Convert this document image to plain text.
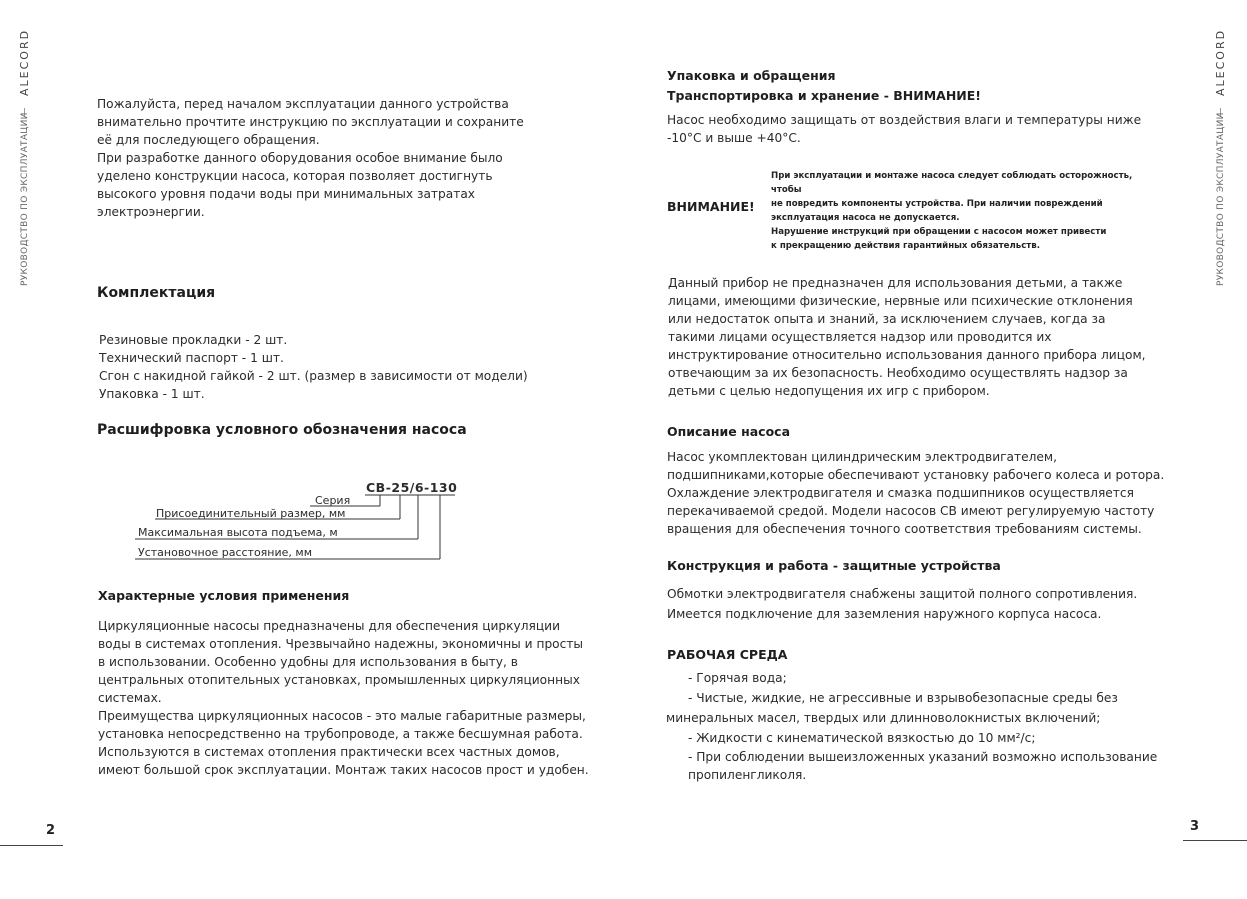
ALECORD
РУКОВОДСТВО ПО ЭКСПЛУАТАЦИИ
ALECORD
РУКОВОДСТВО ПО ЭКСПЛУАТАЦИИ

Пожалуйста, перед началом эксплуатации данного устройства

внимательно прочтите инструкцию по эксплуатации и сохраните

её для последующего обращения.

При разработке данного оборудования особое внимание было

уделено конструкции насоса, которая позволяет достигнуть

высокого уровня подачи воды при минимальных затратах

электроэнергии.

Комплектация

Резиновые прокладки - 2 шт.

Технический паспорт - 1 шт.

Сгон с накидной гайкой - 2 шт. (размер в зависимости от модели)

Упаковка - 1 шт.

Расшифровка условного обозначения насоса
CB-25/6-130
Серия
Присоединительный размер, мм
Максимальная высота подъема, м
Установочное расстояние, мм
Характерные условия применения

Циркуляционные насосы предназначены для обеспечения циркуляции

воды в системах отопления. Чрезвычайно надежны, экономичны и просты

в использовании. Особенно удобны для использования в быту, в

центральных отопительных установках, промышленных циркуляционных

системах.

Преимущества циркуляционных насосов - это малые габаритные размеры,

установка непосредственно на трубопроводе, а также бесшумная работа.

Используются в системах отопления практически всех частных домов,

имеют большой срок эксплуатации. Монтаж таких насосов прост и удобен.

2
Упаковка и обращения
Транспортировка и хранение - ВНИМАНИЕ!

Насос необходимо защищать от воздействия влаги и температуры ниже

-10°С и выше +40°С.

ВНИМАНИЕ!

При эксплуатации и монтаже насоса следует соблюдать осторожность, чтобы

не повредить компоненты устройства. При наличии повреждений

эксплуатация насоса не допускается.

Нарушение инструкций при обращении с насосом может привести

к прекращению действия гарантийных обязательств.

Данный прибор не предназначен для использования детьми, а также

лицами, имеющими физические, нервные или психические отклонения

или недостаток опыта и знаний, за исключением случаев, когда за

такими лицами осуществляется надзор или проводится их

инструктирование относительно использования данного прибора лицом,

отвечающим за их безопасность. Необходимо осуществлять надзор за

детьми с целью недопущения их игр с прибором.

Описание насоса

Насос укомплектован цилиндрическим электродвигателем,

подшипниками,которые обеспечивают установку рабочего колеса и ротора.

Охлаждение электродвигателя и смазка подшипников осуществляется

перекачиваемой средой. Модели насосов CB имеют регулируемую частоту

вращения для обеспечения точного соответствия требованиям системы.

Конструкция и работа - защитные устройства

Обмотки электродвигателя снабжены защитой полного сопротивления.

Имеется подключение для заземления наружного корпуса насоса.

РАБОЧАЯ СРЕДА
- Горячая вода;
- Чистые, жидкие, не агрессивные и взрывобезопасные среды без
минеральных масел, твердых или длинноволокнистых включений;
- Жидкости с кинематической вязкостью до 10 мм²/с;
- При соблюдении вышеизложенных указаний возможно использование
пропиленгликоля.
3
